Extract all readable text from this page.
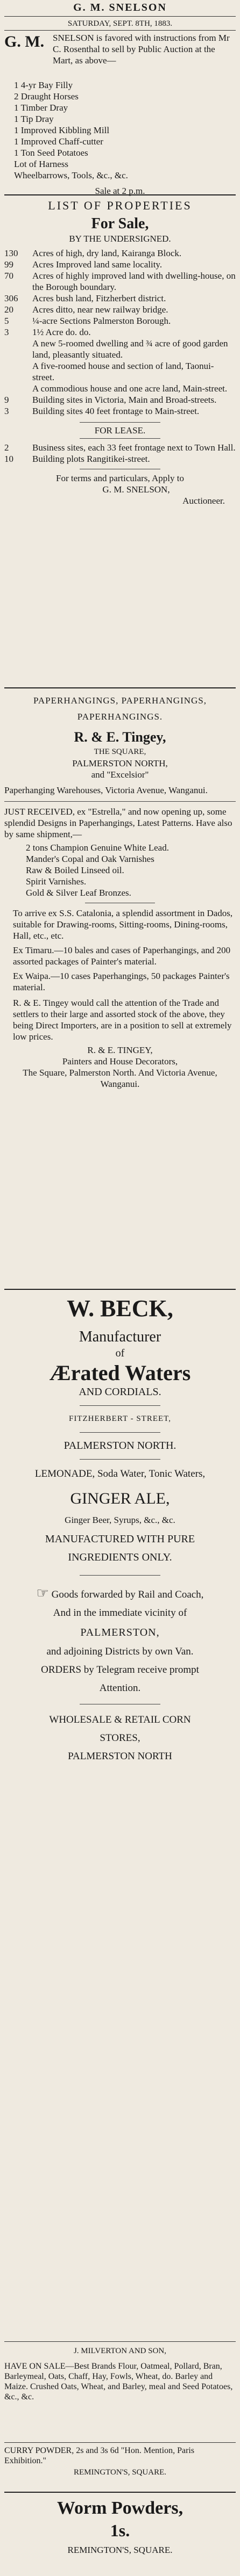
G. M. SNELSON

SATURDAY, SEPT. 8TH, 1883.

G. M. SNELSON is favored with instructions from Mr C. Rosenthal to sell by Public Auction at the Mart, as above—

1 4-yr Bay Filly

2 Draught Horses

1 Timber Dray

1 Tip Dray

1 Improved Kibbling Mill

1 Improved Chaff-cutter

1 Ton Seed Potatoes

Lot of Harness

Wheelbarrows, Tools, &c., &c.

Sale at 2 p.m.

LIST OF PROPERTIES

For Sale,

BY THE UNDERSIGNED.

130	Acres of high, dry land, Kairanga Block.
99	Acres Improved land same locality.
70	Acres of highly improved land with dwelling-house, on the Borough boundary.
306	Acres bush land, Fitzherbert district.
20	Acres ditto, near new railway bridge.
5	¼-acre Sections Palmerston Borough.
3	1½ Acre do. do.
A new 5-roomed dwelling and ¾ acre of good garden land, pleasantly situated.
A five-roomed house and section of land, Taonui-street.
A commodious house and one acre land, Main-street.
9	Building sites in Victoria, Main and Broad-streets.
3	Building sites 40 feet frontage to Main-street.

FOR LEASE.

2	Business sites, each 33 feet frontage next to Town Hall.
10	Building plots Rangitikei-street.

For terms and particulars, Apply to

G. M. SNELSON,

Auctioneer.

PAPERHANGINGS, PAPERHANGINGS, PAPERHANGINGS.

R. & E. Tingey,

THE SQUARE,

PALMERSTON NORTH,

and "Excelsior"

Paperhanging Warehouses, Victoria Avenue, Wanganui.

JUST RECEIVED, ex "Estrella," and now opening up, some splendid Designs in Paperhangings, Latest Patterns. Have also by same shipment,—

2 tons Champion Genuine White Lead.

Mander's Copal and Oak Varnishes

Raw & Boiled Linseed oil.

Spirit Varnishes.

Gold & Silver Leaf Bronzes.

To arrive ex S.S. Catalonia, a splendid assortment in Dados, suitable for Drawing-rooms, Sitting-rooms, Dining-rooms, Hall, etc., etc.

Ex Timaru.—10 bales and cases of Paperhangings, and 200 assorted packages of Painter's material.

Ex Waipa.—10 cases Paperhangings, 50 packages Painter's material.

R. & E. Tingey would call the attention of the Trade and settlers to their large and assorted stock of the above, they being Direct Importers, are in a position to sell at extremely low prices.

R. & E. TINGEY,

Painters and House Decorators,

The Square, Palmerston North. And Victoria Avenue, Wanganui.

W. BECK,

Manufacturer

of

Ærated Waters

AND CORDIALS.

FITZHERBERT - STREET,

PALMERSTON NORTH.

LEMONADE, Soda Water, Tonic Waters,

GINGER ALE,

Ginger Beer, Syrups, &c., &c.

MANUFACTURED WITH PURE

INGREDIENTS ONLY.

☞ Goods forwarded by Rail and Coach,

And in the immediate vicinity of

PALMERSTON,

and adjoining Districts by own Van.

ORDERS by Telegram receive prompt

Attention.

WHOLESALE & RETAIL CORN

STORES,

PALMERSTON NORTH

J. MILVERTON AND SON,

HAVE ON SALE—Best Brands Flour, Oatmeal, Pollard, Bran, Barleymeal, Oats, Chaff, Hay, Fowls, Wheat, do. Barley and Maize. Crushed Oats, Wheat, and Barley, meal and Seed Potatoes, &c., &c.

CURRY POWDER, 2s and 3s 6d "Hon. Mention, Paris Exhibition."

REMINGTON'S, SQUARE.

Worm Powders,

1s.

REMINGTON'S, SQUARE.
